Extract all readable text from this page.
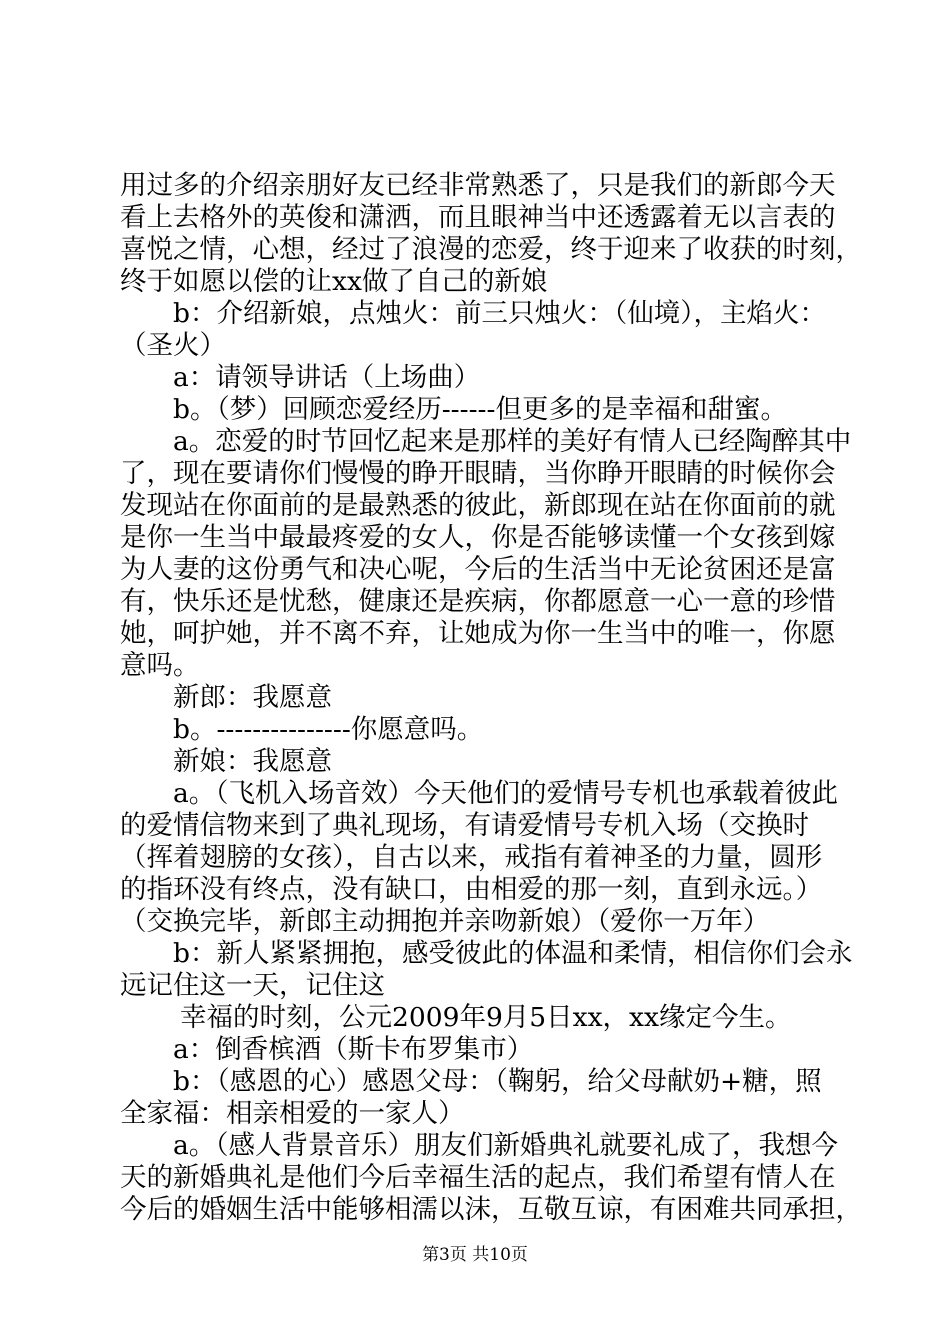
用过多的介绍亲朋好友已经非常熟悉了，只是我们的新郎今天
看上去格外的英俊和潇洒，而且眼神当中还透露着无以言表的
喜悦之情，心想，经过了浪漫的恋爱，终于迎来了收获的时刻，
终于如愿以偿的让xx做了自己的新娘
b：介绍新娘，点烛火：前三只烛火：（仙境），主焰火：
（圣火）
a：请领导讲话（上场曲）
b。（梦）回顾恋爱经历------但更多的是幸福和甜蜜。
a。恋爱的时节回忆起来是那样的美好有情人已经陶醉其中
了，现在要请你们慢慢的睁开眼睛，当你睁开眼睛的时候你会
发现站在你面前的是最熟悉的彼此，新郎现在站在你面前的就
是你一生当中最最疼爱的女人，你是否能够读懂一个女孩到嫁
为人妻的这份勇气和决心呢，今后的生活当中无论贫困还是富
有，快乐还是忧愁，健康还是疾病，你都愿意一心一意的珍惜
她，呵护她，并不离不弃，让她成为你一生当中的唯一，你愿
意吗。
新郎：我愿意
b。---------------你愿意吗。
新娘：我愿意
a。（飞机入场音效）今天他们的爱情号专机也承载着彼此
的爱情信物来到了典礼现场，有请爱情号专机入场（交换时
（挥着翅膀的女孩），自古以来，戒指有着神圣的力量，圆形
的指环没有终点，没有缺口，由相爱的那一刻，直到永远。）
（交换完毕，新郎主动拥抱并亲吻新娘）（爱你一万年）
b：新人紧紧拥抱，感受彼此的体温和柔情，相信你们会永
远记住这一天，记住这
幸福的时刻，公元2009年9月5日xx，xx缘定今生。
a：倒香槟酒（斯卡布罗集市）
b：（感恩的心）感恩父母：（鞠躬，给父母献奶+糖，照
全家福：相亲相爱的一家人）
a。（感人背景音乐）朋友们新婚典礼就要礼成了，我想今
天的新婚典礼是他们今后幸福生活的起点，我们希望有情人在
今后的婚姻生活中能够相濡以沫，互敬互谅，有困难共同承担，
第3页 共10页
